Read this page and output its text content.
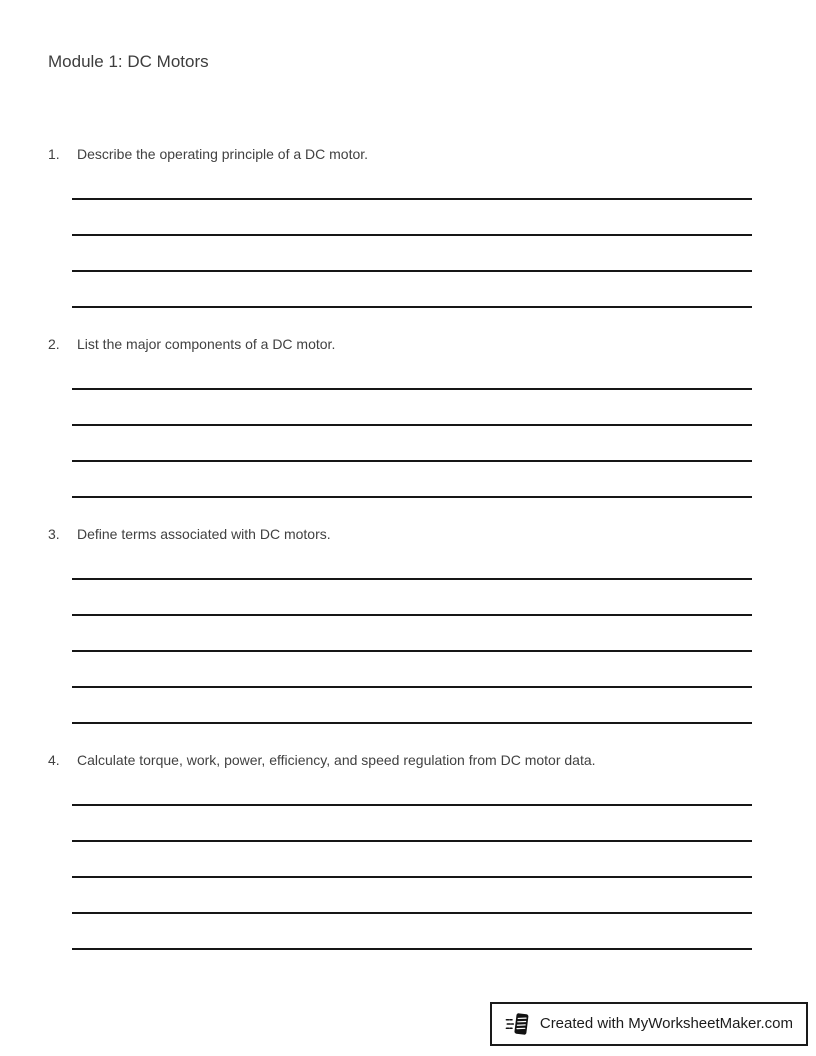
Module 1: DC Motors
1.	Describe the operating principle of a DC motor.
2.	List the major components of a DC motor.
3.	Define terms associated with DC motors.
4.	Calculate torque, work, power, efficiency, and speed regulation from DC motor data.
Created with MyWorksheetMaker.com
